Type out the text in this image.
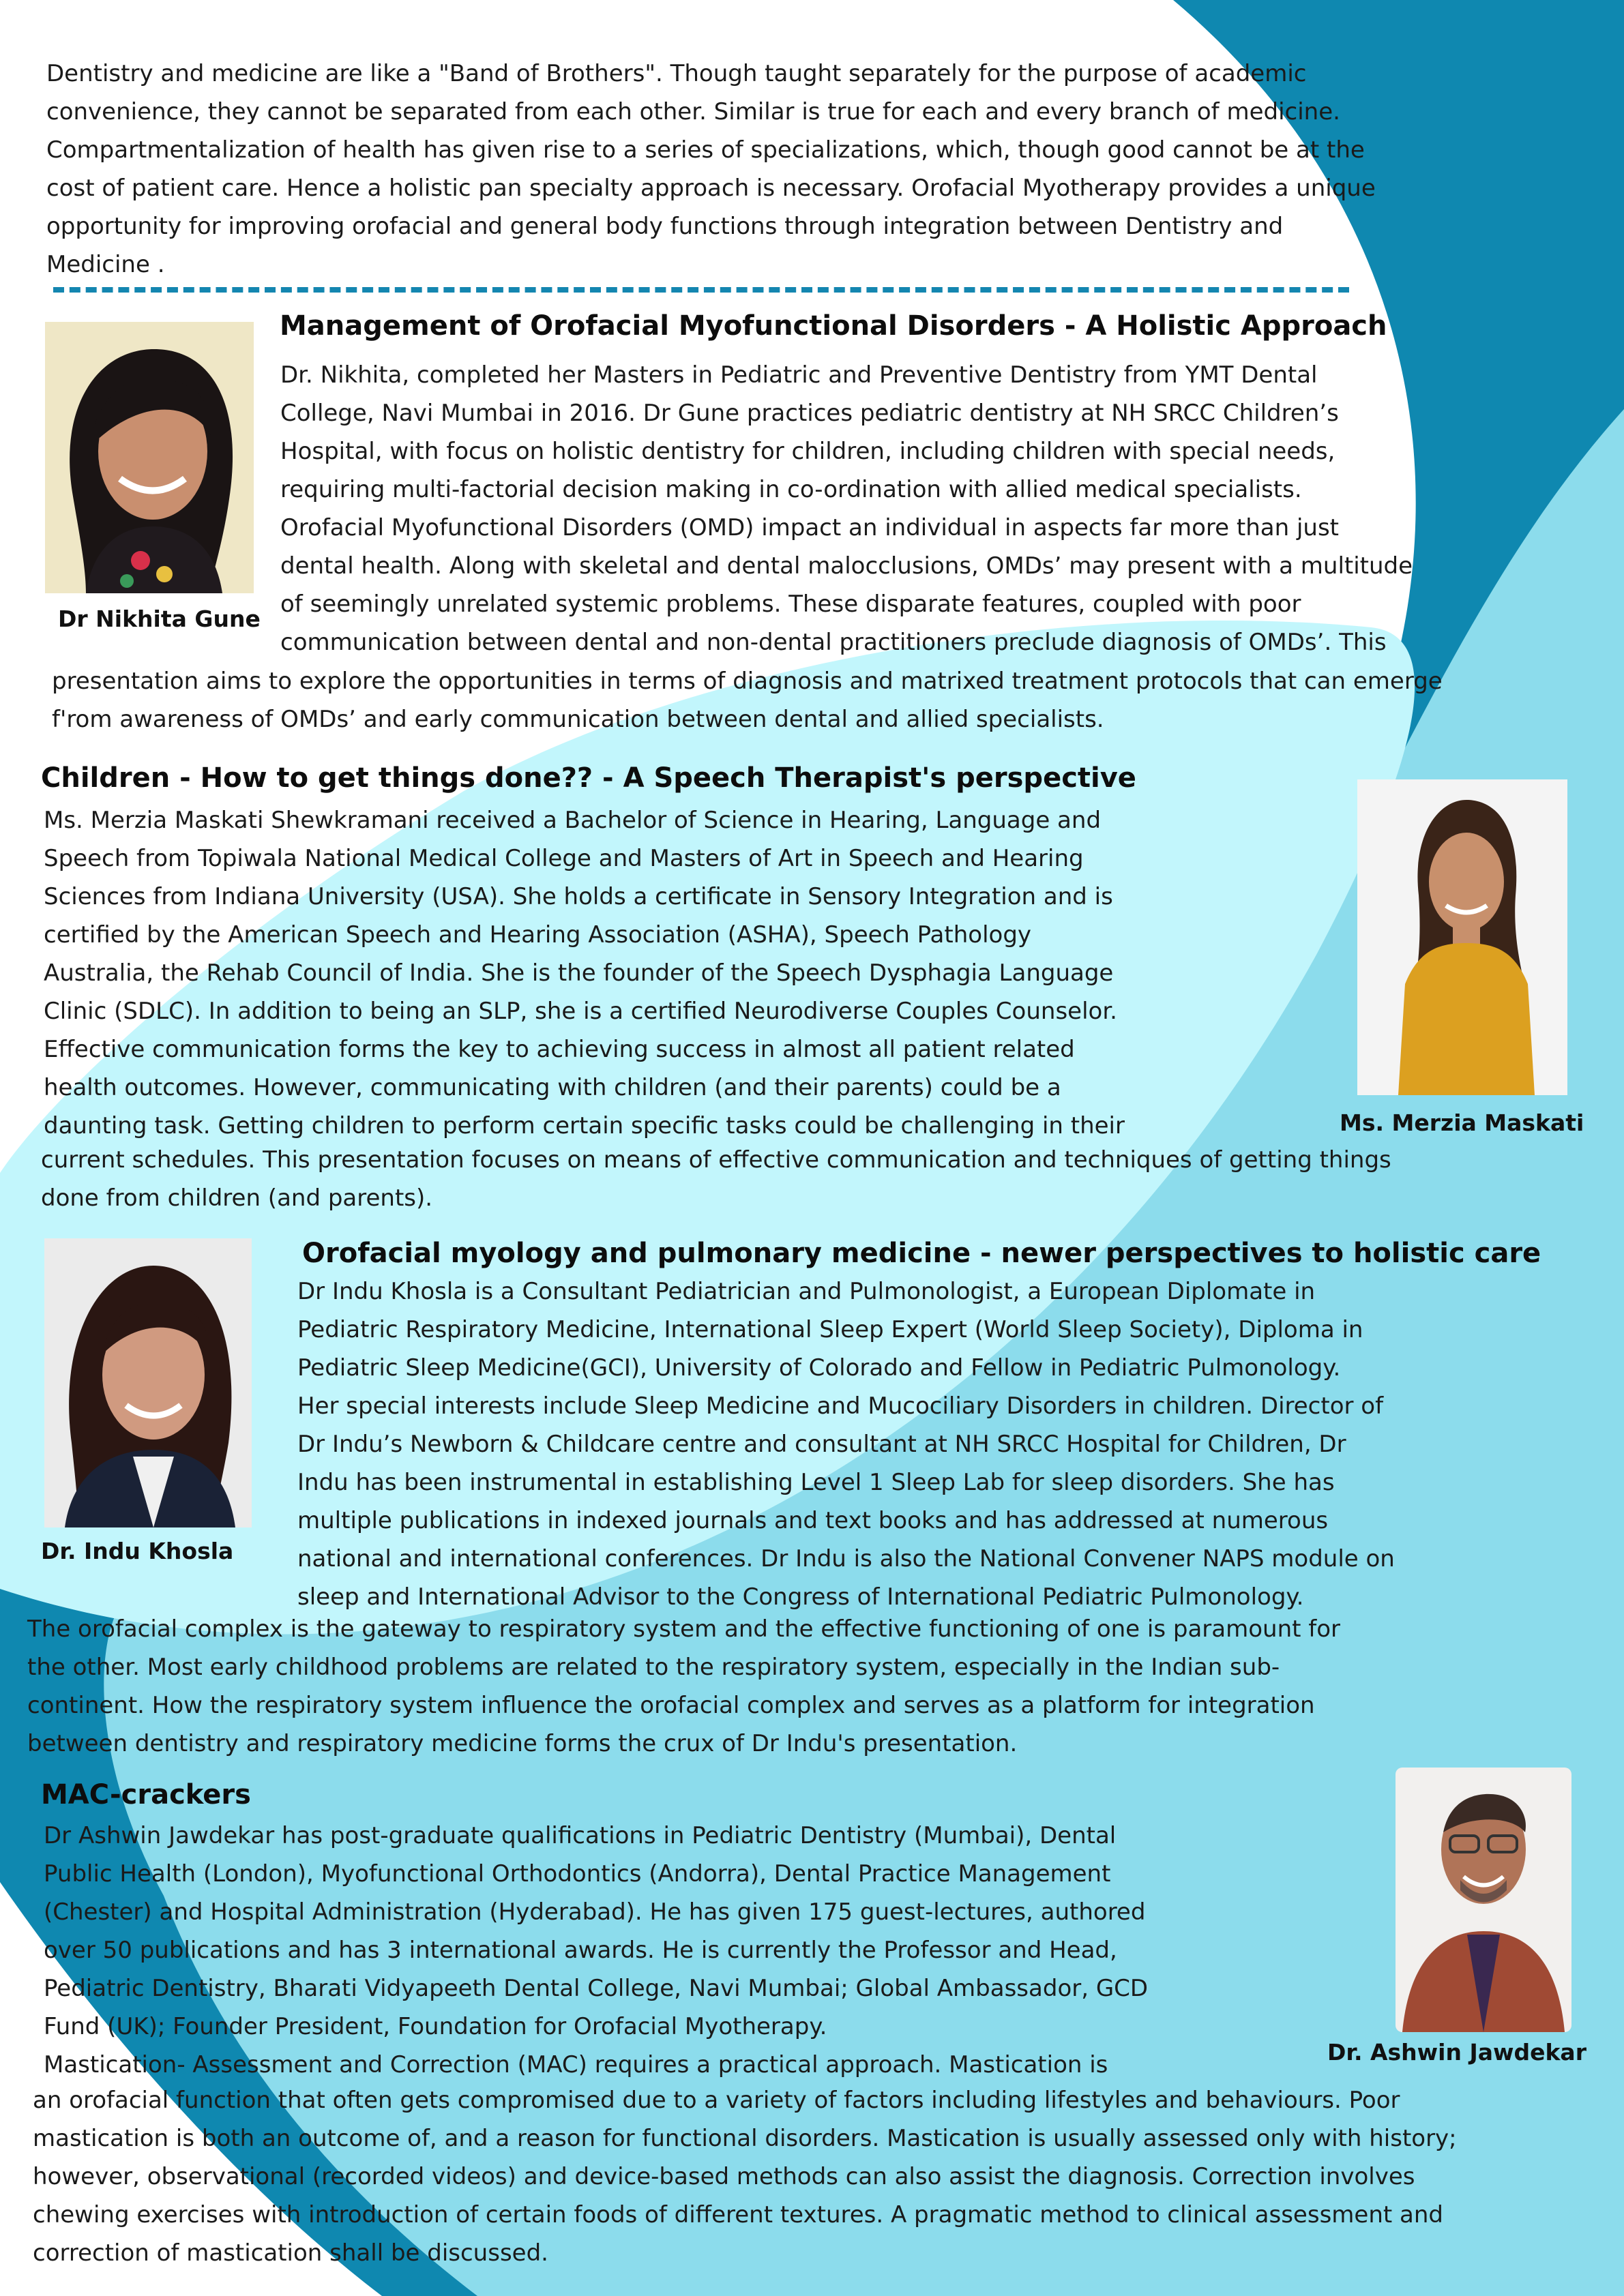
Dentistry and medicine are like a "Band of Brothers". Though taught separately for the purpose of academic
convenience, they cannot be separated from each other. Similar is true for each and every branch of medicine.
Compartmentalization of health has given rise to a series of specializations, which, though good cannot be at the
cost of patient care. Hence a holistic pan specialty approach is necessary. Orofacial Myotherapy provides a unique
opportunity for improving orofacial and general body functions through integration between Dentistry and
Medicine .

Management of Orofacial Myofunctional Disorders - A Holistic Approach

Dr Nikhita Gune

Dr. Nikhita, completed her Masters in Pediatric and Preventive Dentistry from YMT Dental
College, Navi Mumbai in 2016. Dr Gune practices pediatric dentistry at NH SRCC Children’s
Hospital, with focus on holistic dentistry for children, including children with special needs,
requiring multi-factorial decision making in co-ordination with allied medical specialists.
Orofacial Myofunctional Disorders (OMD) impact an individual in aspects far more than just
dental health. Along with skeletal and dental malocclusions, OMDs’ may present with a multitude
of seemingly unrelated systemic problems. These disparate features, coupled with poor
communication between dental and non-dental practitioners preclude diagnosis of OMDs’. This

presentation aims to explore the opportunities in terms of diagnosis and matrixed treatment protocols that can emerge
f'rom awareness of OMDs’ and early communication between dental and allied specialists.

Children - How to get things done?? - A Speech Therapist's perspective

Ms. Merzia Maskati Shewkramani received a Bachelor of Science in Hearing, Language and
Speech from Topiwala National Medical College and Masters of Art in Speech and Hearing
Sciences from Indiana University (USA). She holds a certificate in Sensory Integration and is
certified by the American Speech and Hearing Association (ASHA), Speech Pathology
Australia, the Rehab Council of India. She is the founder of the Speech Dysphagia Language
Clinic (SDLC). In addition to being an SLP, she is a certified Neurodiverse Couples Counselor.
Effective communication forms the key to achieving success in almost all patient related
health outcomes. However, communicating with children (and their parents) could be a
daunting task. Getting children to perform certain specific tasks could be challenging in their

current schedules. This presentation focuses on means of effective communication and techniques of getting things
done from children (and parents).

Ms. Merzia Maskati

Orofacial myology and pulmonary medicine - newer perspectives to holistic care

Dr. Indu Khosla

Dr Indu Khosla is a Consultant Pediatrician and Pulmonologist, a European Diplomate in
Pediatric Respiratory Medicine, International Sleep Expert (World Sleep Society), Diploma in
Pediatric Sleep Medicine(GCI), University of Colorado and Fellow in Pediatric Pulmonology.
Her special interests include Sleep Medicine and Mucociliary Disorders in children. Director of
Dr Indu’s Newborn & Childcare centre and consultant at NH SRCC Hospital for Children, Dr
Indu has been instrumental in establishing Level 1 Sleep Lab for sleep disorders. She has
multiple publications in indexed journals and text books and has addressed at numerous
national and international conferences. Dr Indu is also the National Convener NAPS module on
sleep and International Advisor to the Congress of International Pediatric Pulmonology.

The orofacial complex is the gateway to respiratory system and the effective functioning of one is paramount for
the other. Most early childhood problems are related to the respiratory system, especially in the Indian sub-
continent. How the respiratory system influence the orofacial complex and serves as a platform for integration
between dentistry and respiratory medicine forms the crux of Dr Indu's presentation.

MAC-crackers

Dr Ashwin Jawdekar has post-graduate qualifications in Pediatric Dentistry (Mumbai), Dental
Public Health (London), Myofunctional Orthodontics (Andorra), Dental Practice Management
(Chester) and Hospital Administration (Hyderabad). He has given 175 guest-lectures, authored
over 50 publications and has 3 international awards. He is currently the Professor and Head,
Pediatric Dentistry, Bharati Vidyapeeth Dental College, Navi Mumbai; Global Ambassador, GCD
Fund (UK); Founder President, Foundation for Orofacial Myotherapy.
Mastication- Assessment and Correction (MAC) requires a practical approach. Mastication is

an orofacial function that often gets compromised due to a variety of factors including lifestyles and behaviours. Poor
mastication is both an outcome of, and a reason for functional disorders. Mastication is usually assessed only with history;
however, observational (recorded videos) and device-based methods can also assist the diagnosis. Correction involves
chewing exercises with introduction of certain foods of different textures. A pragmatic method to clinical assessment and
correction of mastication shall be discussed.

Dr. Ashwin Jawdekar
